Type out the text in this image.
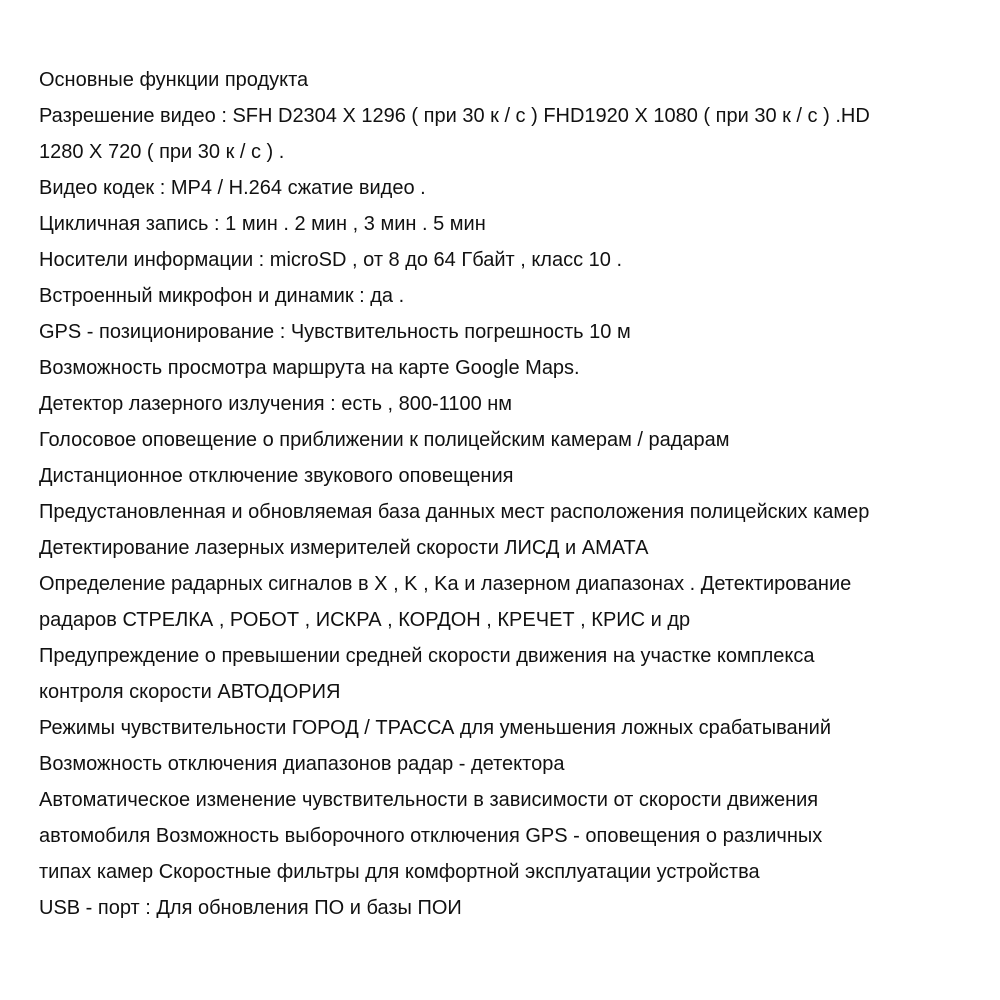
Основные функции продукта
Разрешение видео : SFH D2304 X 1296 ( при 30 к / с ) FHD1920 X 1080 ( при 30 к / с ) .HD
1280 X 720 ( при 30 к / с ) .
Видео кодек : MP4 / H.264 сжатие видео .
Цикличная запись : 1 мин . 2 мин , 3 мин . 5 мин
Носители информации : microSD , от 8 до 64 Гбайт , класс 10 .
Встроенный микрофон и динамик : да .
GPS - позиционирование : Чувствительность погрешность 10 м
Возможность просмотра маршрута на карте Google Maps.
Детектор лазерного излучения : есть , 800-1100 нм
Голосовое оповещение о приближении к полицейским камерам / радарам
Дистанционное отключение звукового оповещения
Предустановленная и обновляемая база данных мест расположения полицейских камер
Детектирование лазерных измерителей скорости ЛИСД и АМАТА
Определение радарных сигналов в X , K , Ka и лазерном диапазонах . Детектирование
радаров СТРЕЛКА , РОБОТ , ИСКРА , КОРДОН , КРЕЧЕТ , КРИС и др
Предупреждение о превышении средней скорости движения на участке комплекса
контроля скорости АВТОДОРИЯ
Режимы чувствительности ГОРОД / ТРАССА для уменьшения ложных срабатываний
Возможность отключения диапазонов радар - детектора
Автоматическое изменение чувствительности в зависимости от скорости движения
автомобиля Возможность выборочного отключения GPS - оповещения о различных
типах камер Скоростные фильтры для комфортной эксплуатации устройства
USB - порт : Для обновления ПО и базы ПОИ
